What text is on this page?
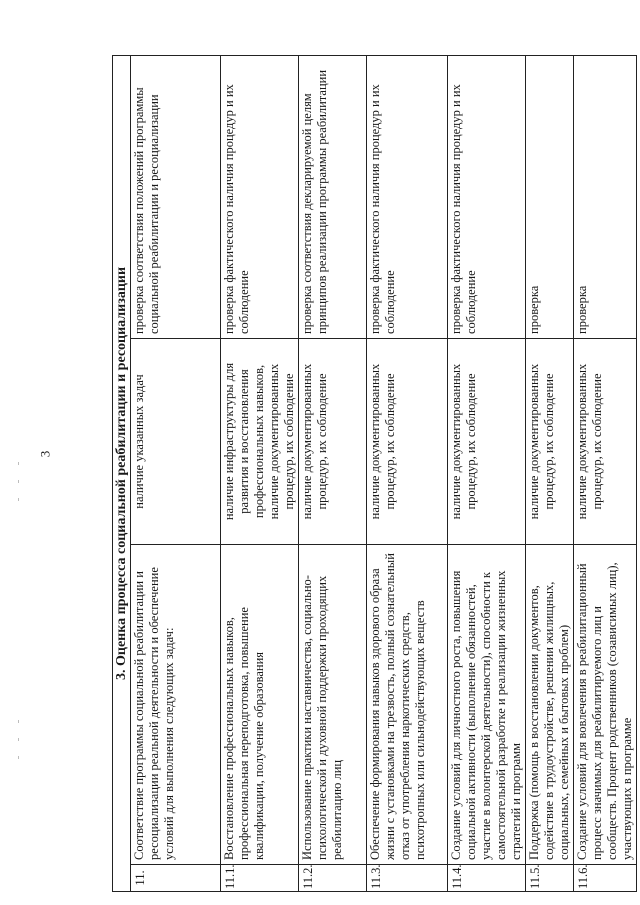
3	3. Оценка процесса социальной реабилитации и ресоциализации			
11.	Соответствие программы социальной реабилитации и ресоциализации реальной деятельности и обеспечение условий для выполнения следующих задач:	наличие указанных задач	проверка соответствия положений программы социальной реабилитации и ресоциализации
11.1.	Восстановление профессиональных навыков, профессиональная переподготовка, повышение квалификации, получение образования	наличие инфраструктуры для развития и восстановления профессиональных навыков, наличие документированных процедур, их соблюдение	проверка фактического наличия процедур и их соблюдение
11.2.	Использование практики наставничества, социально-психологической и духовной поддержки проходящих реабилитацию лиц	наличие документированных процедур, их соблюдение	проверка соответствия декларируемой целям принципов реализации программы реабилитации
11.3.	Обеспечение формирования навыков здорового образа жизни с установками на трезвость, полный сознательный отказ от употребления наркотических средств, психотропных или сильнодействующих веществ	наличие документированных процедур, их соблюдение	проверка фактического наличия процедур и их соблюдение
11.4.	Создание условий для личностного роста, повышения социальной активности (выполнение обязанностей, участие в волонтерской деятельности), способности к самостоятельной разработке и реализации жизненных стратегий и программ	наличие документированных процедур, их соблюдение	проверка фактического наличия процедур и их соблюдение
11.5.	Поддержка (помощь в восстановлении документов, содействие в трудоустройстве, решении жилищных, социальных, семейных и бытовых проблем)	наличие документированных процедур, их соблюдение	проверка
11.6.	Создание условий для вовлечения в реабилитационный процесс значимых для реабилитируемого лиц и сообществ. Процент родственников (созависимых лиц), участвующих в программе	наличие документированных процедур, их соблюдение	проверка
